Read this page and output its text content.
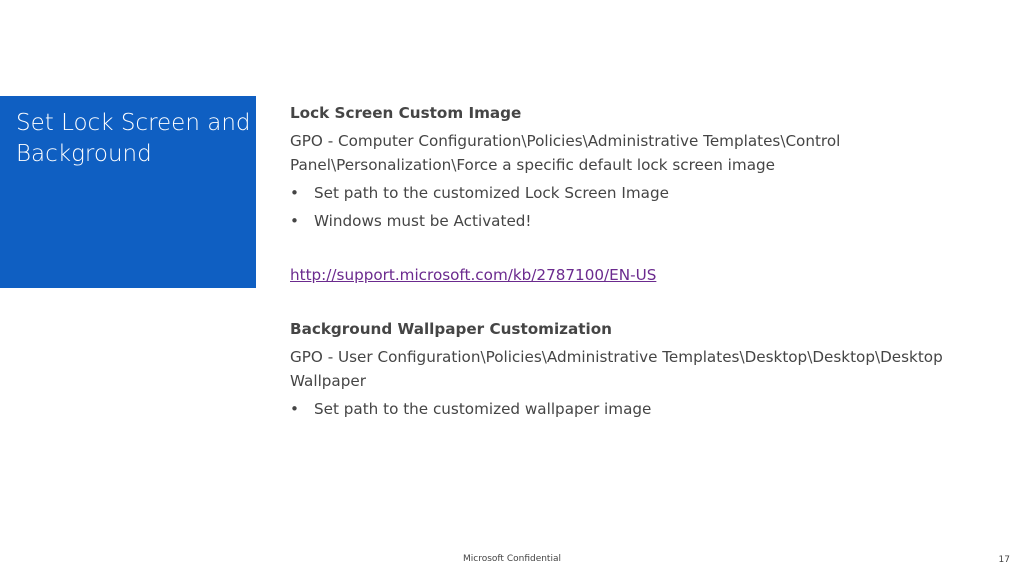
Set Lock Screen and Background
Lock Screen Custom Image

GPO - Computer Configuration\Policies\Administrative Templates\Control Panel\Personalization\Force a specific default lock screen image

• Set path to the customized Lock Screen Image
• Windows must be Activated!
http://support.microsoft.com/kb/2787100/EN-US
Background Wallpaper Customization

GPO - User Configuration\Policies\Administrative Templates\Desktop\Desktop\Desktop Wallpaper

• Set path to the customized wallpaper image
Microsoft Confidential	17
